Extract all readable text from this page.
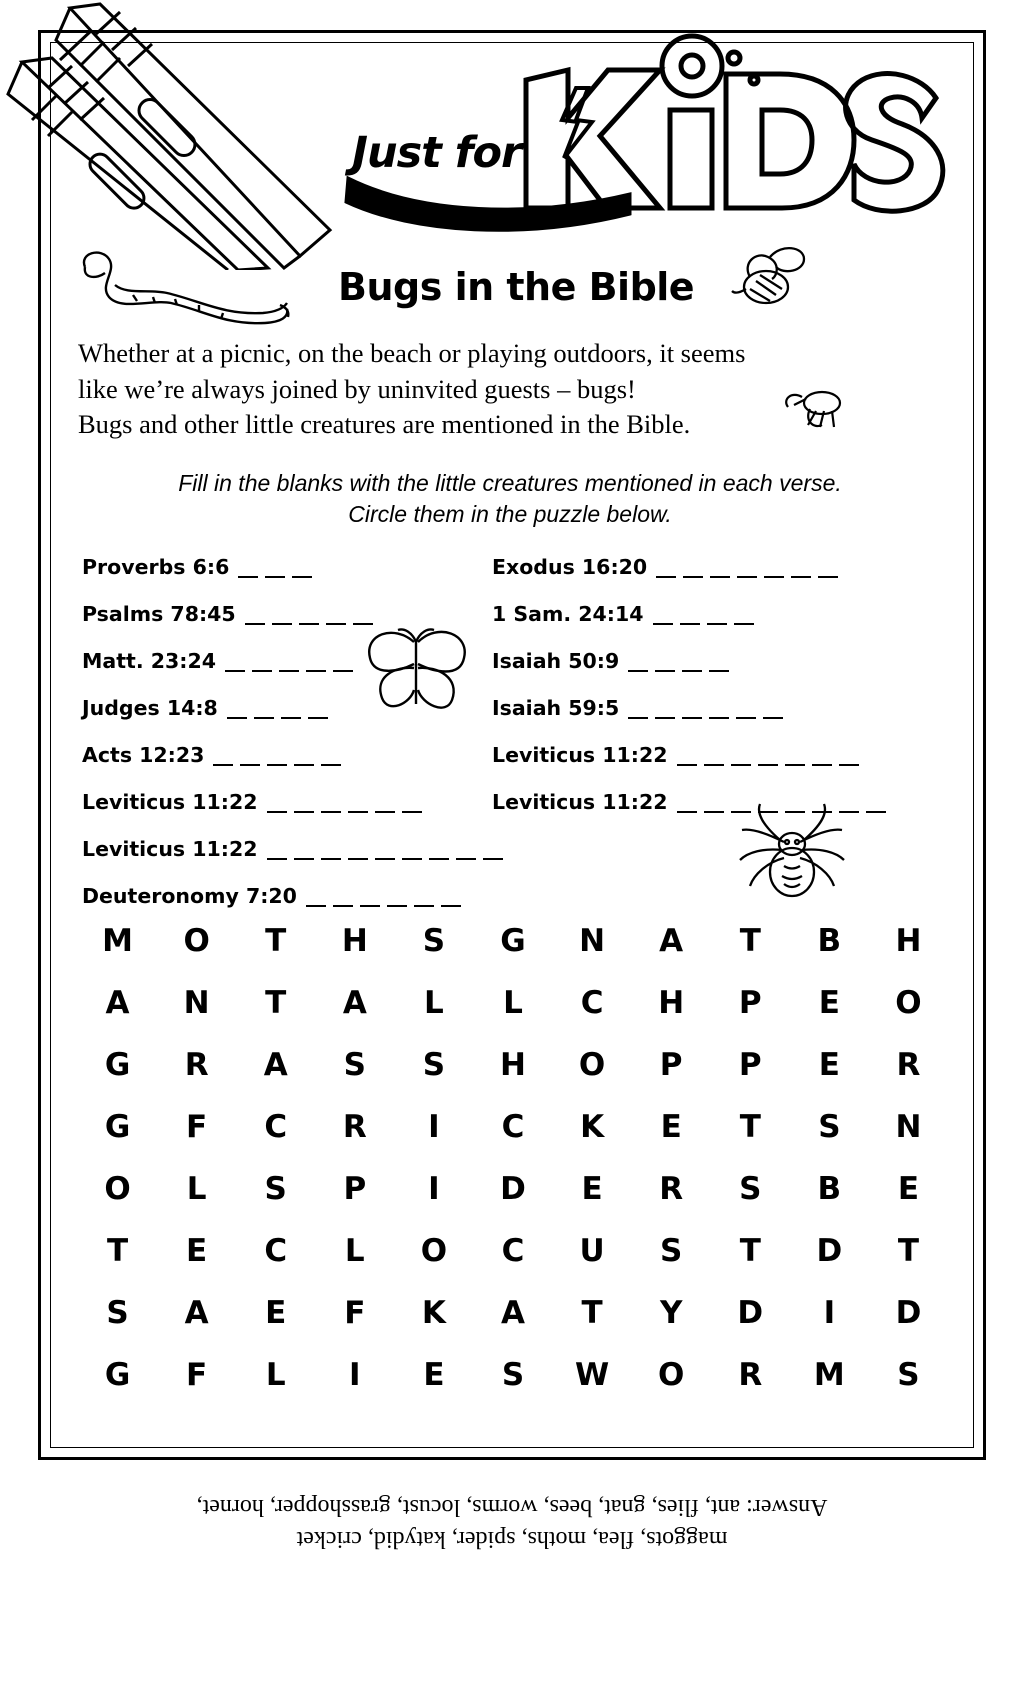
Just for
Bugs in the Bible
Whether at a picnic, on the beach or playing outdoors, it seems like we’re always joined by uninvited guests – bugs!
Bugs and other little creatures are mentioned in the Bible.
Fill in the blanks with the little creatures mentioned in each verse.
Circle them in the puzzle below.
Proverbs 6:6
Psalms 78:45
Matt. 23:24
Judges 14:8
Acts 12:23
Leviticus 11:22
Leviticus 11:22
Deuteronomy 7:20
Exodus 16:20
1 Sam. 24:14
Isaiah 50:9
Isaiah 59:5
Leviticus 11:22
Leviticus 11:22
M	O	T	H	S	G	N	A	T	B	H
A	N	T	A	L	L	C	H	P	E	O
G	R	A	S	S	H	O	P	P	E	R
G	F	C	R	I	C	K	E	T	S	N
O	L	S	P	I	D	E	R	S	B	E
T	E	C	L	O	C	U	S	T	D	T
S	A	E	F	K	A	T	Y	D	I	D
G	F	L	I	E	S	W	O	R	M	S
maggots, flea, moths, spider, katydid, cricket
Answer: ant, flies, gnat, bees, worms, locust, grasshopper, hornet,
